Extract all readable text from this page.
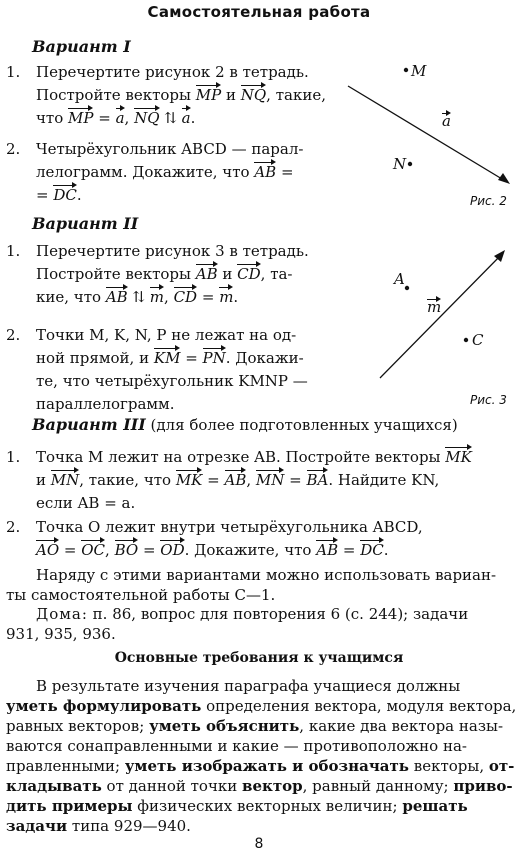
Самостоятельная работа
Вариант I
1. Перечертите рисунок 2 в тетрадь.
Постройте векторы MP и NQ, такие,
что MP = a, NQ ⇅ a.
2. Четырёхугольник ABCD — парал-
лелограмм. Докажите, что AB =
= DC.
M
N
a
Рис. 2
Вариант II
1. Перечертите рисунок 3 в тетрадь.
Постройте векторы AB и CD, та-
кие, что AB ⇅ m, CD = m.
2. Точки M, K, N, P не лежат на од-
ной прямой, и KM = PN. Докажи-
те, что четырёхугольник KMNP —
параллелограмм.
A
C
m
Рис. 3
Вариант III (для более подготовленных учащихся)
1. Точка M лежит на отрезке AB. Постройте векторы MK
и MN, такие, что MK = AB, MN = BA. Найдите KN,
если AB = a.
2. Точка O лежит внутри четырёхугольника ABCD,
AO = OC, BO = OD. Докажите, что AB = DC.
Наряду с этими вариантами можно использовать вариан-
ты самостоятельной работы С—1.
Дома: п. 86, вопрос для повторения 6 (с. 244); задачи
931, 935, 936.
Основные требования к учащимся
В результате изучения параграфа учащиеся должны
уметь формулировать определения вектора, модуля вектора,
равных векторов; уметь объяснить, какие два вектора назы-
ваются сонаправленными и какие — противоположно на-
правленными; уметь изображать и обозначать векторы, от-
кладывать от данной точки вектор, равный данному; приво-
дить примеры физических векторных величин; решать
задачи типа 929—940.
8
